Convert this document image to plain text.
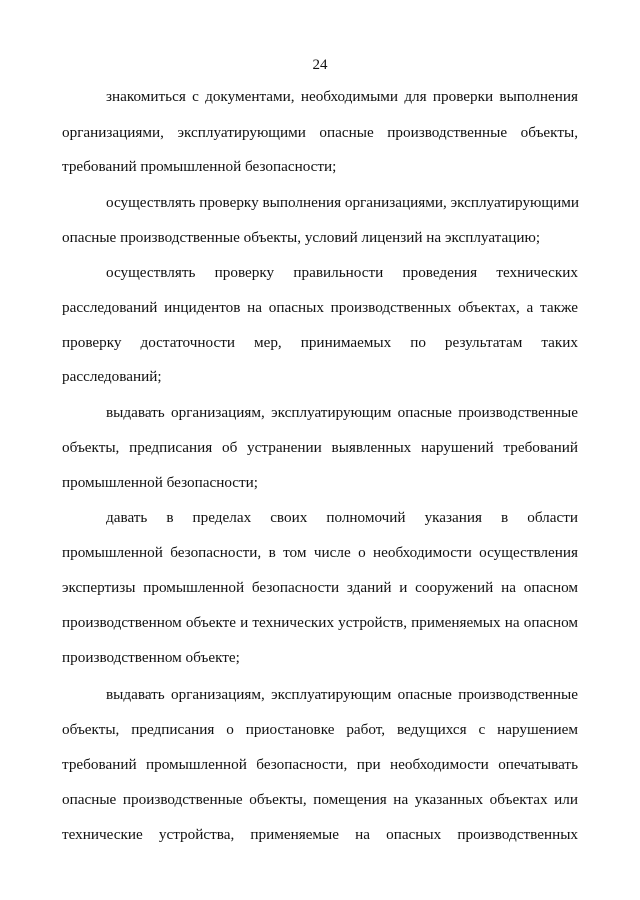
24
знакомиться с документами, необходимыми для проверки выполнения
организациями, эксплуатирующими опасные производственные объекты,
требований промышленной безопасности;
осуществлять проверку выполнения организациями, эксплуатирующими
опасные производственные объекты, условий лицензий на эксплуатацию;
осуществлять проверку правильности проведения технических
расследований инцидентов на опасных производственных объектах, а также
проверку достаточности мер, принимаемых по результатам таких
расследований;
выдавать организациям, эксплуатирующим опасные производственные
объекты, предписания об устранении выявленных нарушений требований
промышленной безопасности;
давать в пределах своих полномочий указания в области
промышленной безопасности, в том числе о необходимости осуществления
экспертизы промышленной безопасности зданий и сооружений на опасном
производственном объекте и технических устройств, применяемых на опасном
производственном объекте;
выдавать организациям, эксплуатирующим опасные производственные
объекты, предписания о приостановке работ, ведущихся с нарушением
требований промышленной безопасности, при необходимости опечатывать
опасные производственные объекты, помещения на указанных объектах или
технические устройства, применяемые на опасных производственных
